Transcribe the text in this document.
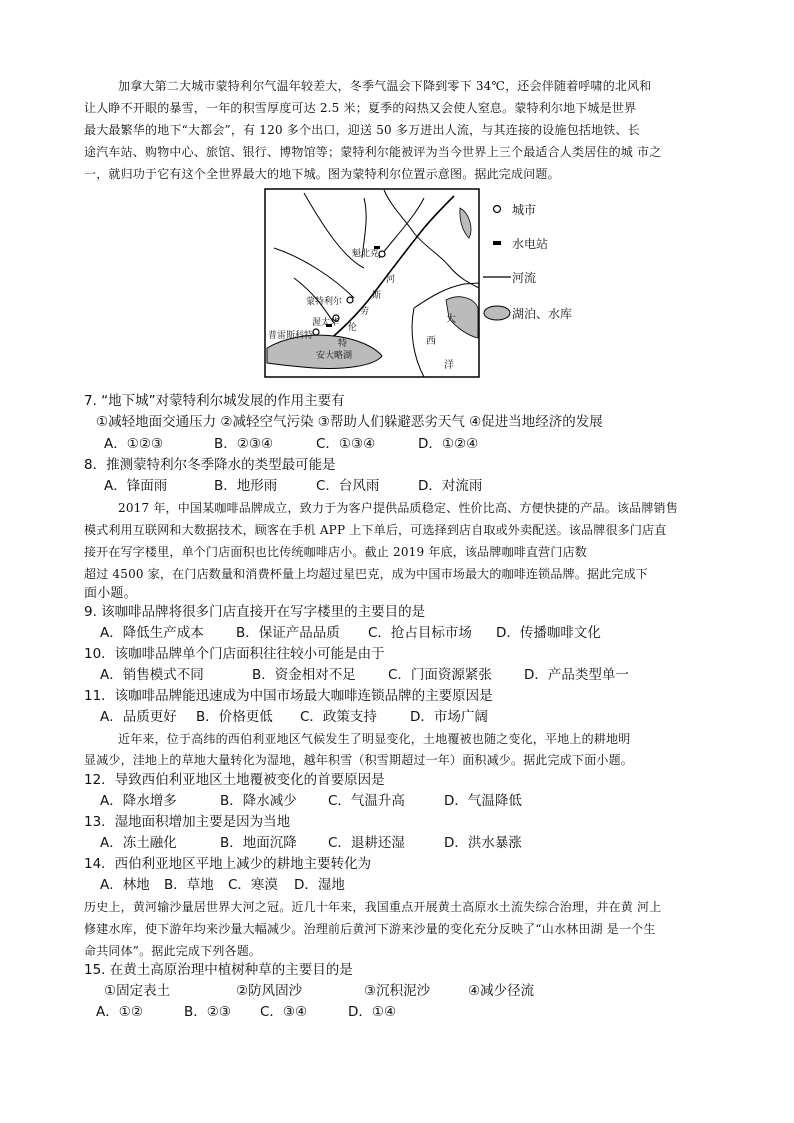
加拿大第二大城市蒙特利尔气温年较差大，冬季气温会下降到零下 34℃，还会伴随着呼啸的北风和
让人睁不开眼的暴雪，一年的积雪厚度可达 2.5 米；夏季的闷热又会使人窒息。蒙特利尔地下城是世界
最大最繁华的地下“大都会”，有 120 多个出口，迎送 50 多万进出人流，与其连接的设施包括地铁、长
途汽车站、购物中心、旅馆、银行、博物馆等；蒙特利尔能被评为当今世界上三个最适合人类居住的城 市之
魁北克
蒙特利尔
渥太华
普雷斯科特
河
斯
劳
伦
特
安大略湖
大
西
洋
城市
水电站
河流
湖泊、水库
7. “地下城”对蒙特利尔城发展的作用主要有
①减轻地面交通压力 ②减轻空气污染 ③帮助人们躲避恶劣天气 ④促进当地经济的发展
A．①②③	B．②③④	C．①③④	D．①②④
8．推测蒙特利尔冬季降水的类型最可能是
A．锋面雨	B．地形雨	C．台风雨	D．对流雨
2017 年，中国某咖啡品牌成立，致力于为客户提供品质稳定、性价比高、方便快捷的产品。该品牌销售
模式利用互联网和大数据技术，顾客在手机 APP 上下单后，可选择到店自取或外卖配送。该品牌很多门店直
接开在写字楼里，单个门店面积也比传统咖啡店小。截止 2019 年底，该品牌咖啡直营门店数
超过 4500 家，在门店数量和消费杯量上均超过星巴克，成为中国市场最大的咖啡连锁品牌。据此完成下
面小题。
9. 该咖啡品牌将很多门店直接开在写字楼里的主要目的是
A．降低生产成本 B．保证产品品质 C．抢占目标市场 D．传播咖啡文化
10．该咖啡品牌单个门店面积往往较小可能是由于
A．销售模式不同	B．资金相对不足 C．门面资源紧张 D．产品类型单一
11．该咖啡品牌能迅速成为中国市场最大咖啡连锁品牌的主要原因是
A．品质更好 B．价格更低 C．政策支持 D．市场广阔
近年来，位于高纬的西伯利亚地区气候发生了明显变化，土地覆被也随之变化，平地上的耕地明
显减少，洼地上的草地大量转化为湿地，越年积雪（积雪期超过一年）面积减少。据此完成下面小题。
12．导致西伯利亚地区土地覆被变化的首要原因是
A．降水增多	B．降水减少 C．气温升高	D．气温降低
13．湿地面积增加主要是因为当地
A．冻土融化	B．地面沉降 C．退耕还湿	D．洪水暴涨
14．西伯利亚地区平地上减少的耕地主要转化为
A．林地 B．草地 C．寒漠 D．湿地
历史上，黄河输沙量居世界大河之冠。近几十年来，我国重点开展黄土高原水土流失综合治理，并在黄 河上
修建水库，使下游年均来沙量大幅减少。治理前后黄河下游来沙量的变化充分反映了“山水林田湖 是一个生
命共同体”。据此完成下列各题。
15. 在黄土高原治理中植树种草的主要目的是
①固定表土	②防风固沙	③沉积泥沙	④减少径流
A．①②	B．②③ C．③④	D．①④
一，就归功于它有这个全世界最大的地下城。图为蒙特利尔位置示意图。据此完成问题。
